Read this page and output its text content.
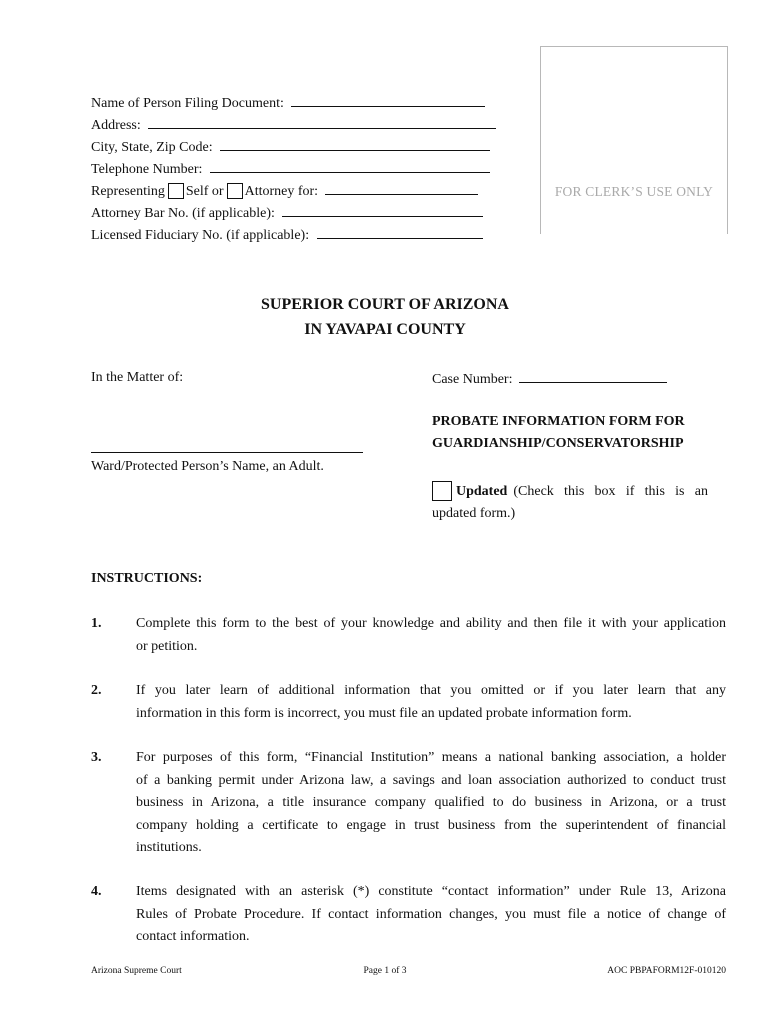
Name of Person Filing Document:
Address:
City, State, Zip Code:
Telephone Number:
Representing Self or Attorney for:
Attorney Bar No. (if applicable):
Licensed Fiduciary No. (if applicable):
FOR CLERK’S USE ONLY
SUPERIOR COURT OF ARIZONA
IN YAVAPAI COUNTY
In the Matter of:
Ward/Protected Person’s Name, an Adult.
Case Number:
PROBATE INFORMATION FORM FOR
GUARDIANSHIP/CONSERVATORSHIP
Updated (Check this box if this is an
updated form.)
INSTRUCTIONS:
1. Complete this form to the best of your knowledge and ability and then file it with your application
or petition.
2. If you later learn of additional information that you omitted or if you later learn that any
information in this form is incorrect, you must file an updated probate information form.
3. For purposes of this form, “Financial Institution” means a national banking association, a holder
of a banking permit under Arizona law, a savings and loan association authorized to conduct trust
business in Arizona, a title insurance company qualified to do business in Arizona, or a trust
company holding a certificate to engage in trust business from the superintendent of financial
institutions.
4. Items designated with an asterisk (*) constitute “contact information” under Rule 13, Arizona
Rules of Probate Procedure. If contact information changes, you must file a notice of change of
contact information.
Arizona Supreme Court	Page 1 of 3	AOC PBPAFORM12F-010120
